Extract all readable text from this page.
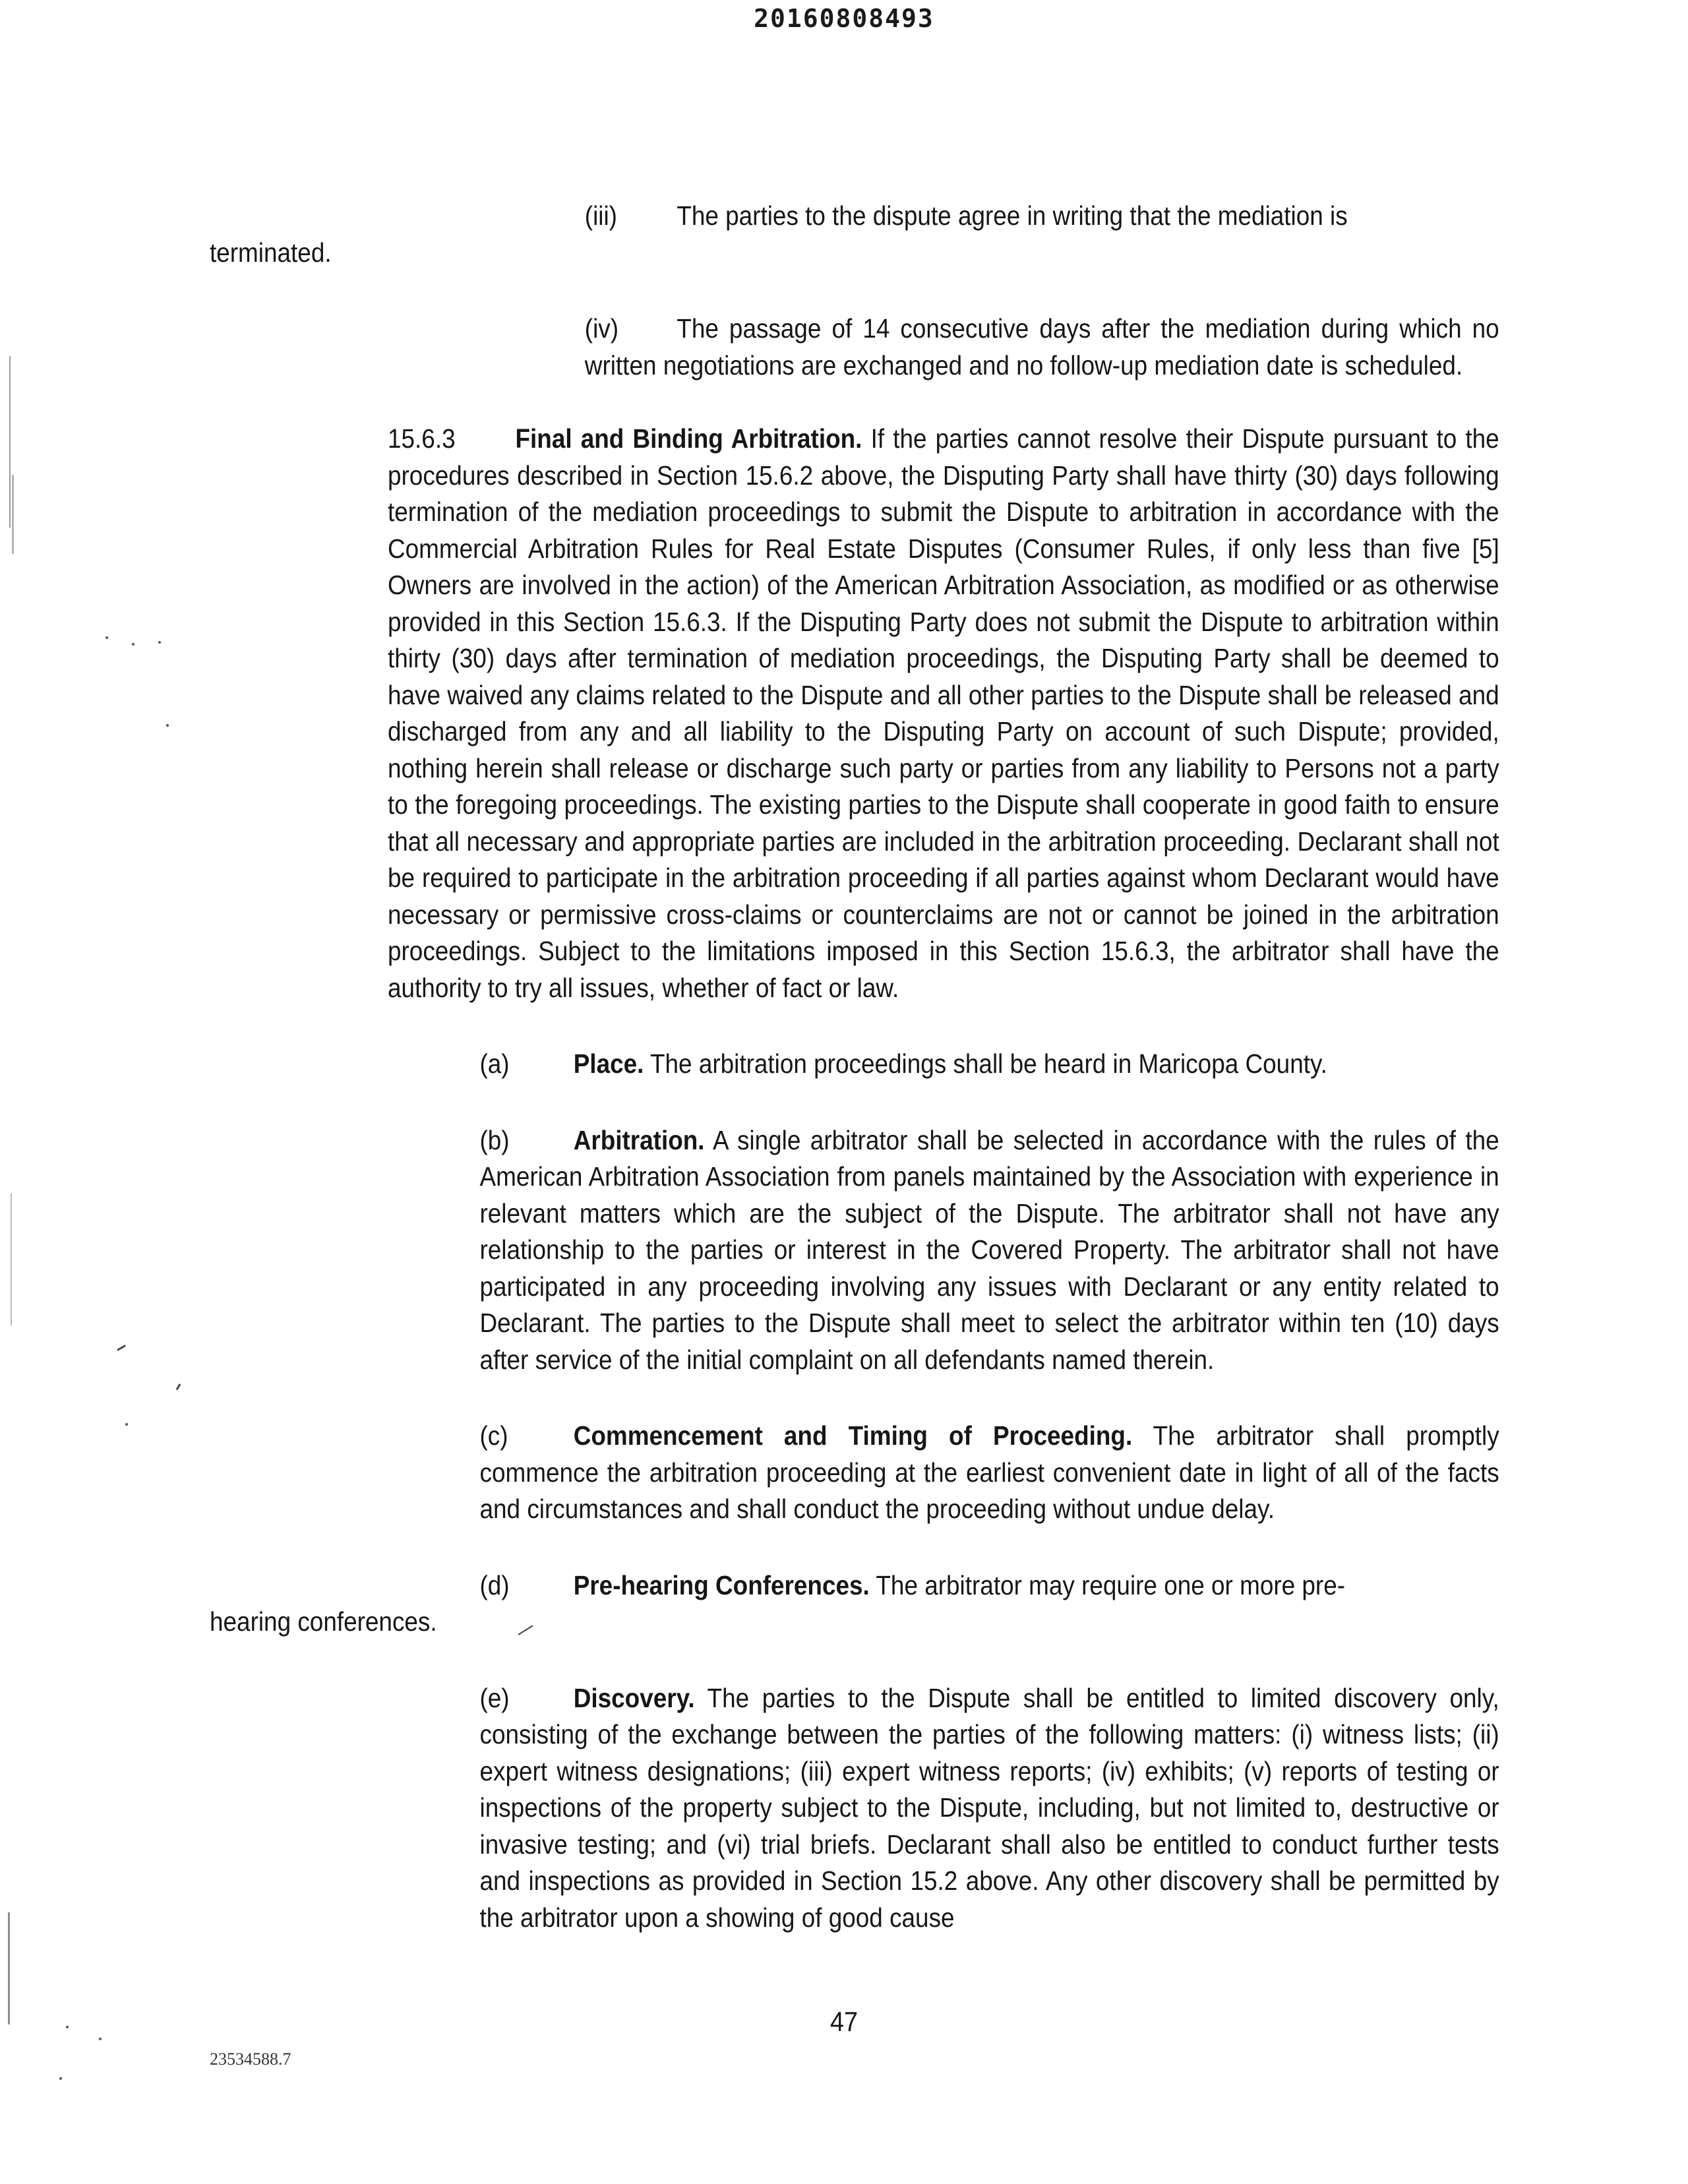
20160808493

(iii) The parties to the dispute agree in writing that the mediation is

terminated.

(iv) The passage of 14 consecutive days after the mediation during which no written negotiations are exchanged and no follow-up mediation date is scheduled.

15.6.3 Final and Binding Arbitration. If the parties cannot resolve their Dispute pursuant to the procedures described in Section 15.6.2 above, the Disputing Party shall have thirty (30) days following termination of the mediation proceedings to submit the Dispute to arbitration in accordance with the Commercial Arbitration Rules for Real Estate Disputes (Consumer Rules, if only less than five [5] Owners are involved in the action) of the American Arbitration Association, as modified or as otherwise provided in this Section 15.6.3. If the Disputing Party does not submit the Dispute to arbitration within thirty (30) days after termination of mediation proceedings, the Disputing Party shall be deemed to have waived any claims related to the Dispute and all other parties to the Dispute shall be released and discharged from any and all liability to the Disputing Party on account of such Dispute; provided, nothing herein shall release or discharge such party or parties from any liability to Persons not a party to the foregoing proceedings. The existing parties to the Dispute shall cooperate in good faith to ensure that all necessary and appropriate parties are included in the arbitration proceeding. Declarant shall not be required to participate in the arbitration proceeding if all parties against whom Declarant would have necessary or permissive cross-claims or counterclaims are not or cannot be joined in the arbitration proceedings. Subject to the limitations imposed in this Section 15.6.3, the arbitrator shall have the authority to try all issues, whether of fact or law.

(a) Place. The arbitration proceedings shall be heard in Maricopa County.

(b) Arbitration. A single arbitrator shall be selected in accordance with the rules of the American Arbitration Association from panels maintained by the Association with experience in relevant matters which are the subject of the Dispute. The arbitrator shall not have any relationship to the parties or interest in the Covered Property. The arbitrator shall not have participated in any proceeding involving any issues with Declarant or any entity related to Declarant. The parties to the Dispute shall meet to select the arbitrator within ten (10) days after service of the initial complaint on all defendants named therein.

(c) Commencement and Timing of Proceeding. The arbitrator shall promptly commence the arbitration proceeding at the earliest convenient date in light of all of the facts and circumstances and shall conduct the proceeding without undue delay.

(d) Pre-hearing Conferences. The arbitrator may require one or more pre-

hearing conferences.

(e) Discovery. The parties to the Dispute shall be entitled to limited discovery only, consisting of the exchange between the parties of the following matters: (i) witness lists; (ii) expert witness designations; (iii) expert witness reports; (iv) exhibits; (v) reports of testing or inspections of the property subject to the Dispute, including, but not limited to, destructive or invasive testing; and (vi) trial briefs. Declarant shall also be entitled to conduct further tests and inspections as provided in Section 15.2 above. Any other discovery shall be permitted by the arbitrator upon a showing of good cause

47
23534588.7
